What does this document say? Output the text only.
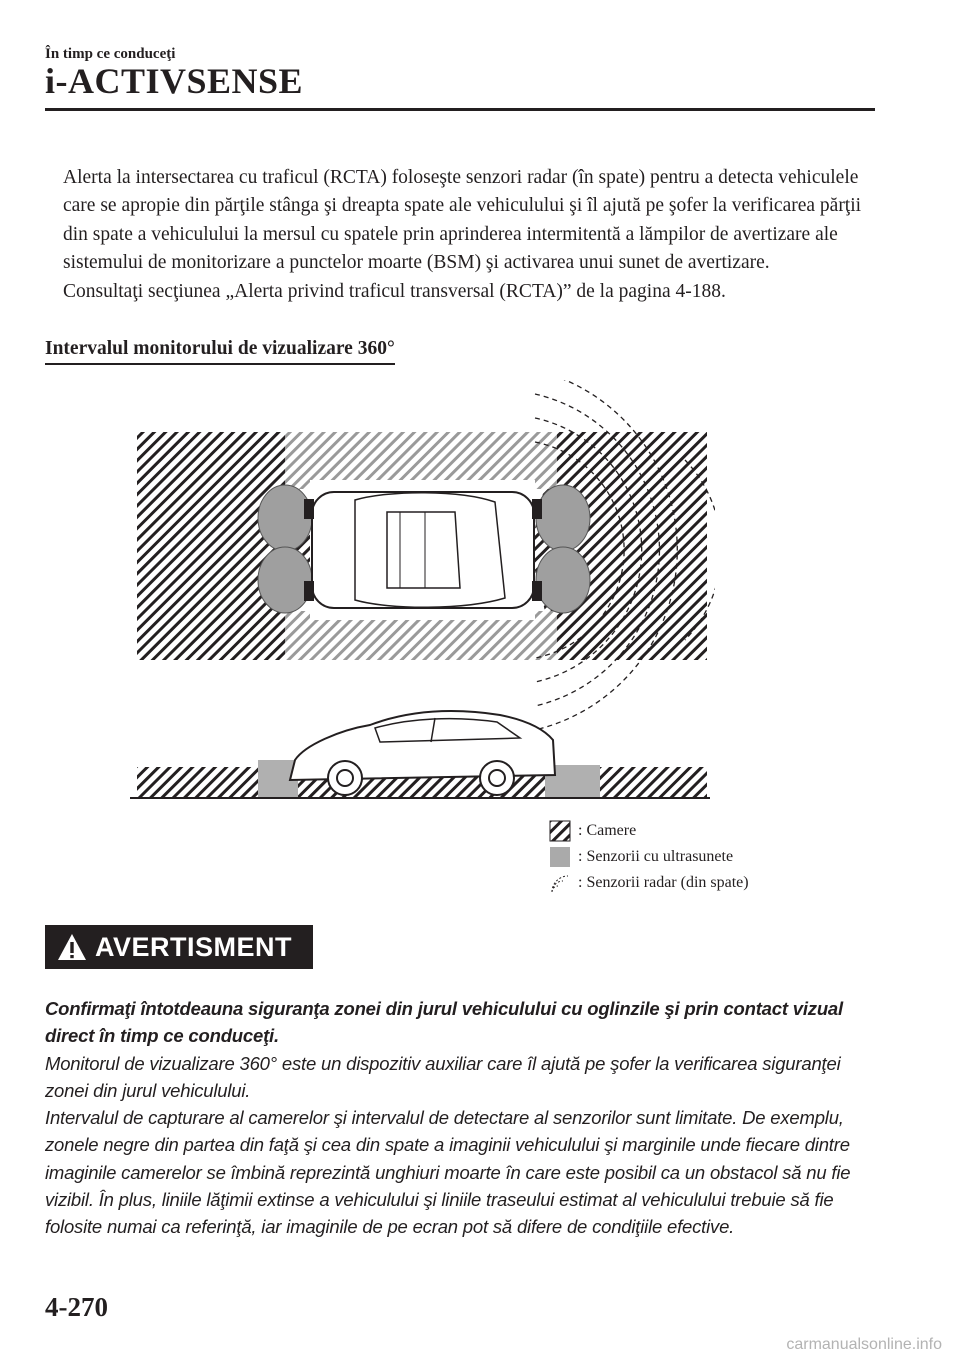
În timp ce conduceţi
i-ACTIVSENSE

Alerta la intersectarea cu traficul (RCTA) foloseşte senzori radar (în spate) pentru a detecta vehiculele care se apropie din părţile stânga şi dreapta spate ale vehiculului şi îl ajută pe şofer la verificarea părţii din spate a vehiculului la mersul cu spatele prin aprinderea intermitentă a lămpilor de avertizare ale sistemului de monitorizare a punctelor moarte (BSM) şi activarea unui sunet de avertizare.

Consultaţi secţiunea „Alerta privind traficul transversal (RCTA)” de la pagina 4-188.

Intervalul monitorului de vizualizare 360°
: Camere
: Senzorii cu ultrasunete
: Senzorii radar (din spate)
AVERTISMENT

Confirmaţi întotdeauna siguranţa zonei din jurul vehiculului cu oglinzile şi prin contact vizual direct în timp ce conduceţi.

Monitorul de vizualizare 360° este un dispozitiv auxiliar care îl ajută pe şofer la verificarea siguranţei zonei din jurul vehiculului.

Intervalul de capturare al camerelor şi intervalul de detectare al senzorilor sunt limitate. De exemplu, zonele negre din partea din faţă şi cea din spate a imaginii vehiculului şi marginile unde fiecare dintre imaginile camerelor se îmbină reprezintă unghiuri moarte în care este posibil ca un obstacol să nu fie vizibil. În plus, liniile lăţimii extinse a vehiculului şi liniile traseului estimat al vehiculului trebuie să fie folosite numai ca referinţă, iar imaginile de pe ecran pot să difere de condiţiile efective.

4-270
carmanualsonline.info
